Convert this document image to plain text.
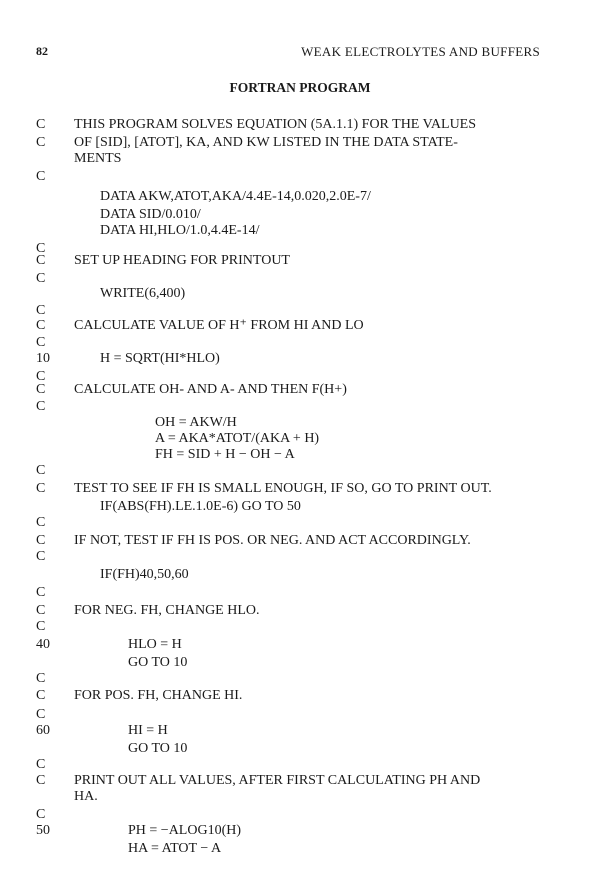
82	WEAK ELECTROLYTES AND BUFFERS
FORTRAN PROGRAM
C THIS PROGRAM SOLVES EQUATION (5A.1.1) FOR THE VALUES
C OF [SID], [ATOT], KA, AND KW LISTED IN THE DATA STATE-
MENTS
C
DATA AKW,ATOT,AKA/4.4E-14,0.020,2.0E-7/
DATA SID/0.010/
DATA HI,HLO/1.0,4.4E-14/
C
C SET UP HEADING FOR PRINTOUT
C
WRITE(6,400)
C
C CALCULATE VALUE OF H⁺ FROM HI AND LO
C
10	H = SQRT(HI*HLO)
C
C CALCULATE OH- AND A- AND THEN F(H+)
C
OH = AKW/H
A = AKA*ATOT/(AKA + H)
FH = SID + H − OH − A
C
C TEST TO SEE IF FH IS SMALL ENOUGH, IF SO, GO TO PRINT OUT.
IF(ABS(FH).LE.1.0E-6) GO TO 50
C
C IF NOT, TEST IF FH IS POS. OR NEG. AND ACT ACCORDINGLY.
C
IF(FH)40,50,60
C
C FOR NEG. FH, CHANGE HLO.
C
40	HLO = H
GO TO 10
C
C FOR POS. FH, CHANGE HI.
C
60	HI = H
GO TO 10
C
C PRINT OUT ALL VALUES, AFTER FIRST CALCULATING PH AND
HA.
C
50	PH = −ALOG10(H)
HA = ATOT − A
